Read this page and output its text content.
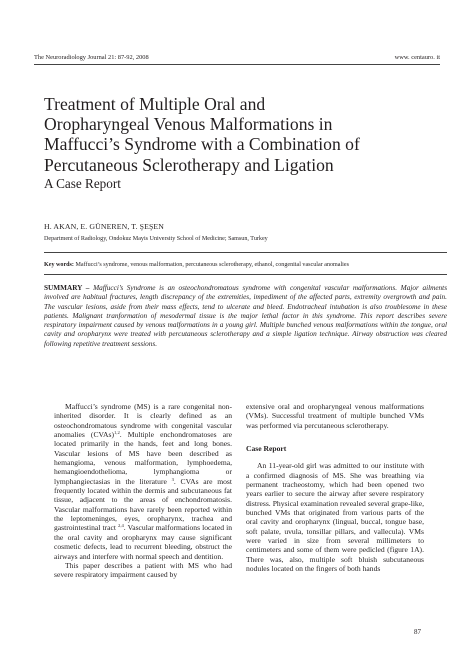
The Neuroradiology Journal 21: 87-92, 2008	www. centauro. it
Treatment of Multiple Oral and
Oropharyngeal Venous Malformations in
Maffucci’s Syndrome with a Combination of
Percutaneous Sclerotherapy and Ligation
A Case Report
H. AKAN, E. GÜNEREN, T. ŞEŞEN
Department of Radiology, Ondokuz Mayis University School of Medicine; Samsun, Turkey
Key words: Maffucci’s syndrome, venous malformation, percutaneous sclerotherapy, ethanol, congenital vascular anomalies

SUMMARY – Maffucci’s Syndrome is an osteochondromatous syndrome with congenital vascular malformations. Major ailments involved are habitual fractures, length discrepancy of the extremities, impediment of the affected parts, extremity overgrowth and pain. The vascular lesions, aside from their mass effects, tend to ulcerate and bleed. Endotracheal intubation is also troublesome in these patients. Malignant tranformation of mesodermal tissue is the major lethal factor in this syndrome. This report describes severe respiratory impairment caused by venous malformations in a young girl. Multiple bunched venous malformations within the tongue, oral cavity and oropharynx were treated with percutaneous sclerotherapy and a simple ligation technique. Airway obstruction was cleared following repetitive treatment sessions.

Maffucci’s syndrome (MS) is a rare congenital non-inherited disorder. It is clearly defined as an osteochondromatous syndrome with congenital vascular anomalies (CVAs)$^{1,2}$. Multiple enchondromatoses are located primarily in the hands, feet and long bones. Vascular lesions of MS have been described as hemangioma, venous malformation, lymphoedema, hemangioendothelioma, lymphangioma or lymphangiectasias in the literature $^3$. CVAs are most frequently located within the dermis and subcutaneous fat tissue, adjacent to the areas of enchondromatosis. Vascular malformations have rarely been reported within the leptomeninges, eyes, oropharynx, trachea and gastrointestinal tract $^{2,4}$. Vascular malformations located in the oral cavity and oropharynx may cause significant cosmetic defects, lead to recurrent bleeding, obstruct the airways and interfere with normal speech and dentition.

This paper describes a patient with MS who had severe respiratory impairment caused by

extensive oral and oropharyngeal venous malformations (VMs). Successful treatment of multiple bunched VMs was performed via percutaneous sclerotherapy.

Case Report

An 11-year-old girl was admitted to our institute with a confirmed diagnosis of MS. She was breathing via permanent tracheostomy, which had been opened two years earlier to secure the airway after severe respiratory distress. Physical examination revealed several grape-like, bunched VMs that originated from various parts of the oral cavity and oropharynx (lingual, buccal, tongue base, soft palate, uvula, tonsillar pillars, and vallecula). VMs were varied in size from several millimeters to centimeters and some of them were pedicled (figure 1A). There was, also, multiple soft bluish subcutaneous nodules located on the fingers of both hands

87
